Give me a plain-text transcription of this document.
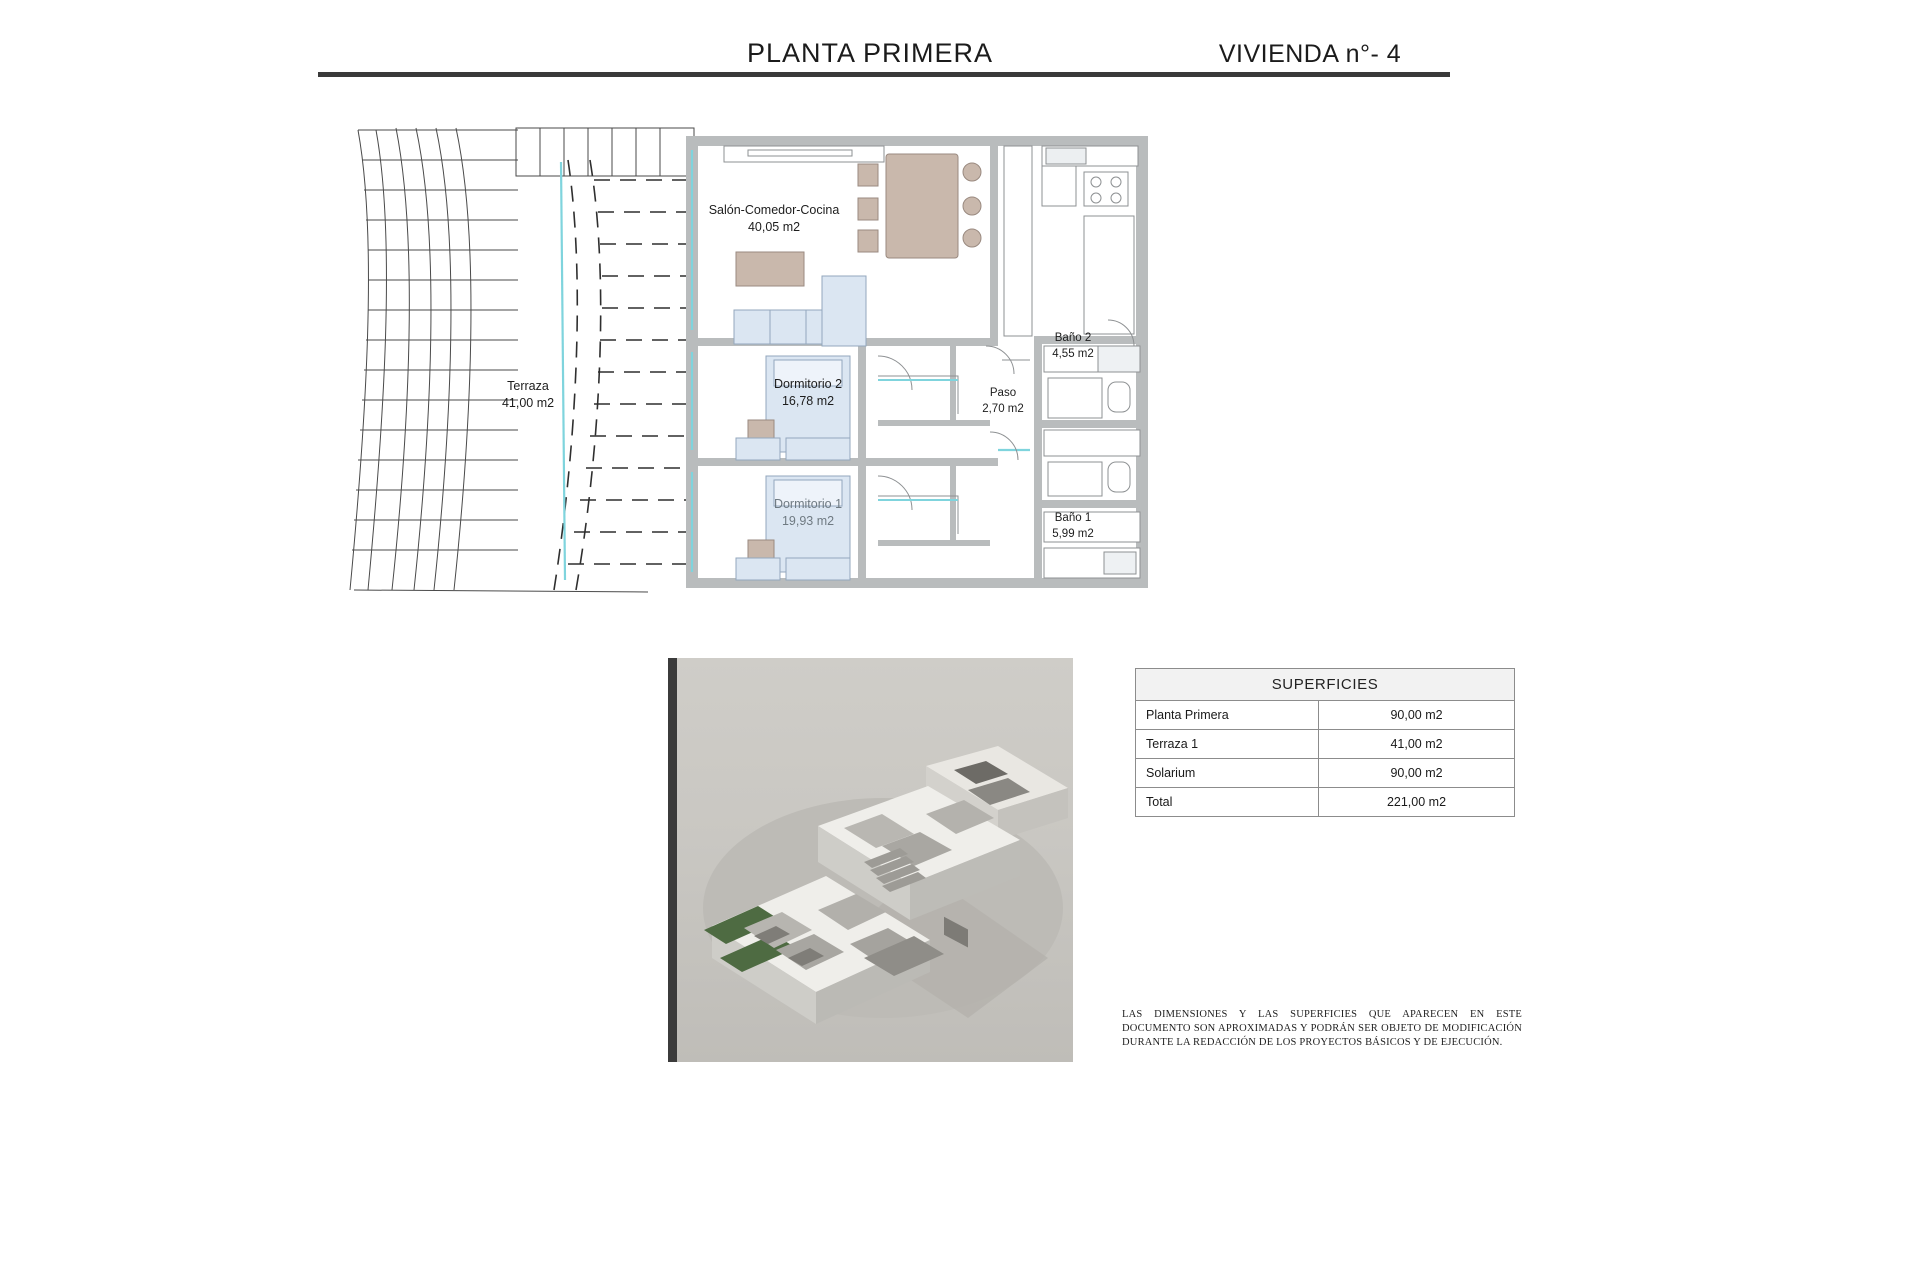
PLANTA PRIMERA	VIVIENDA n°- 4
Salón-Comedor-Cocina
40,05 m2
Terraza
41,00 m2
Dormitorio 2
16,78 m2
Dormitorio 1
19,93 m2
Paso
2,70 m2
Baño 2
4,55 m2
Baño 1
5,99 m2
SUPERFICIES
Planta Primera	90,00 m2
Terraza 1	41,00 m2
Solarium	90,00 m2
Total	221,00 m2
LAS DIMENSIONES Y LAS SUPERFICIES QUE APARECEN EN ESTE DOCUMENTO SON APROXIMADAS Y PODRÁN SER OBJETO DE MODIFICACIÓN DURANTE LA REDACCIÓN DE LOS PROYECTOS BÁSICOS Y DE EJECUCIÓN.
